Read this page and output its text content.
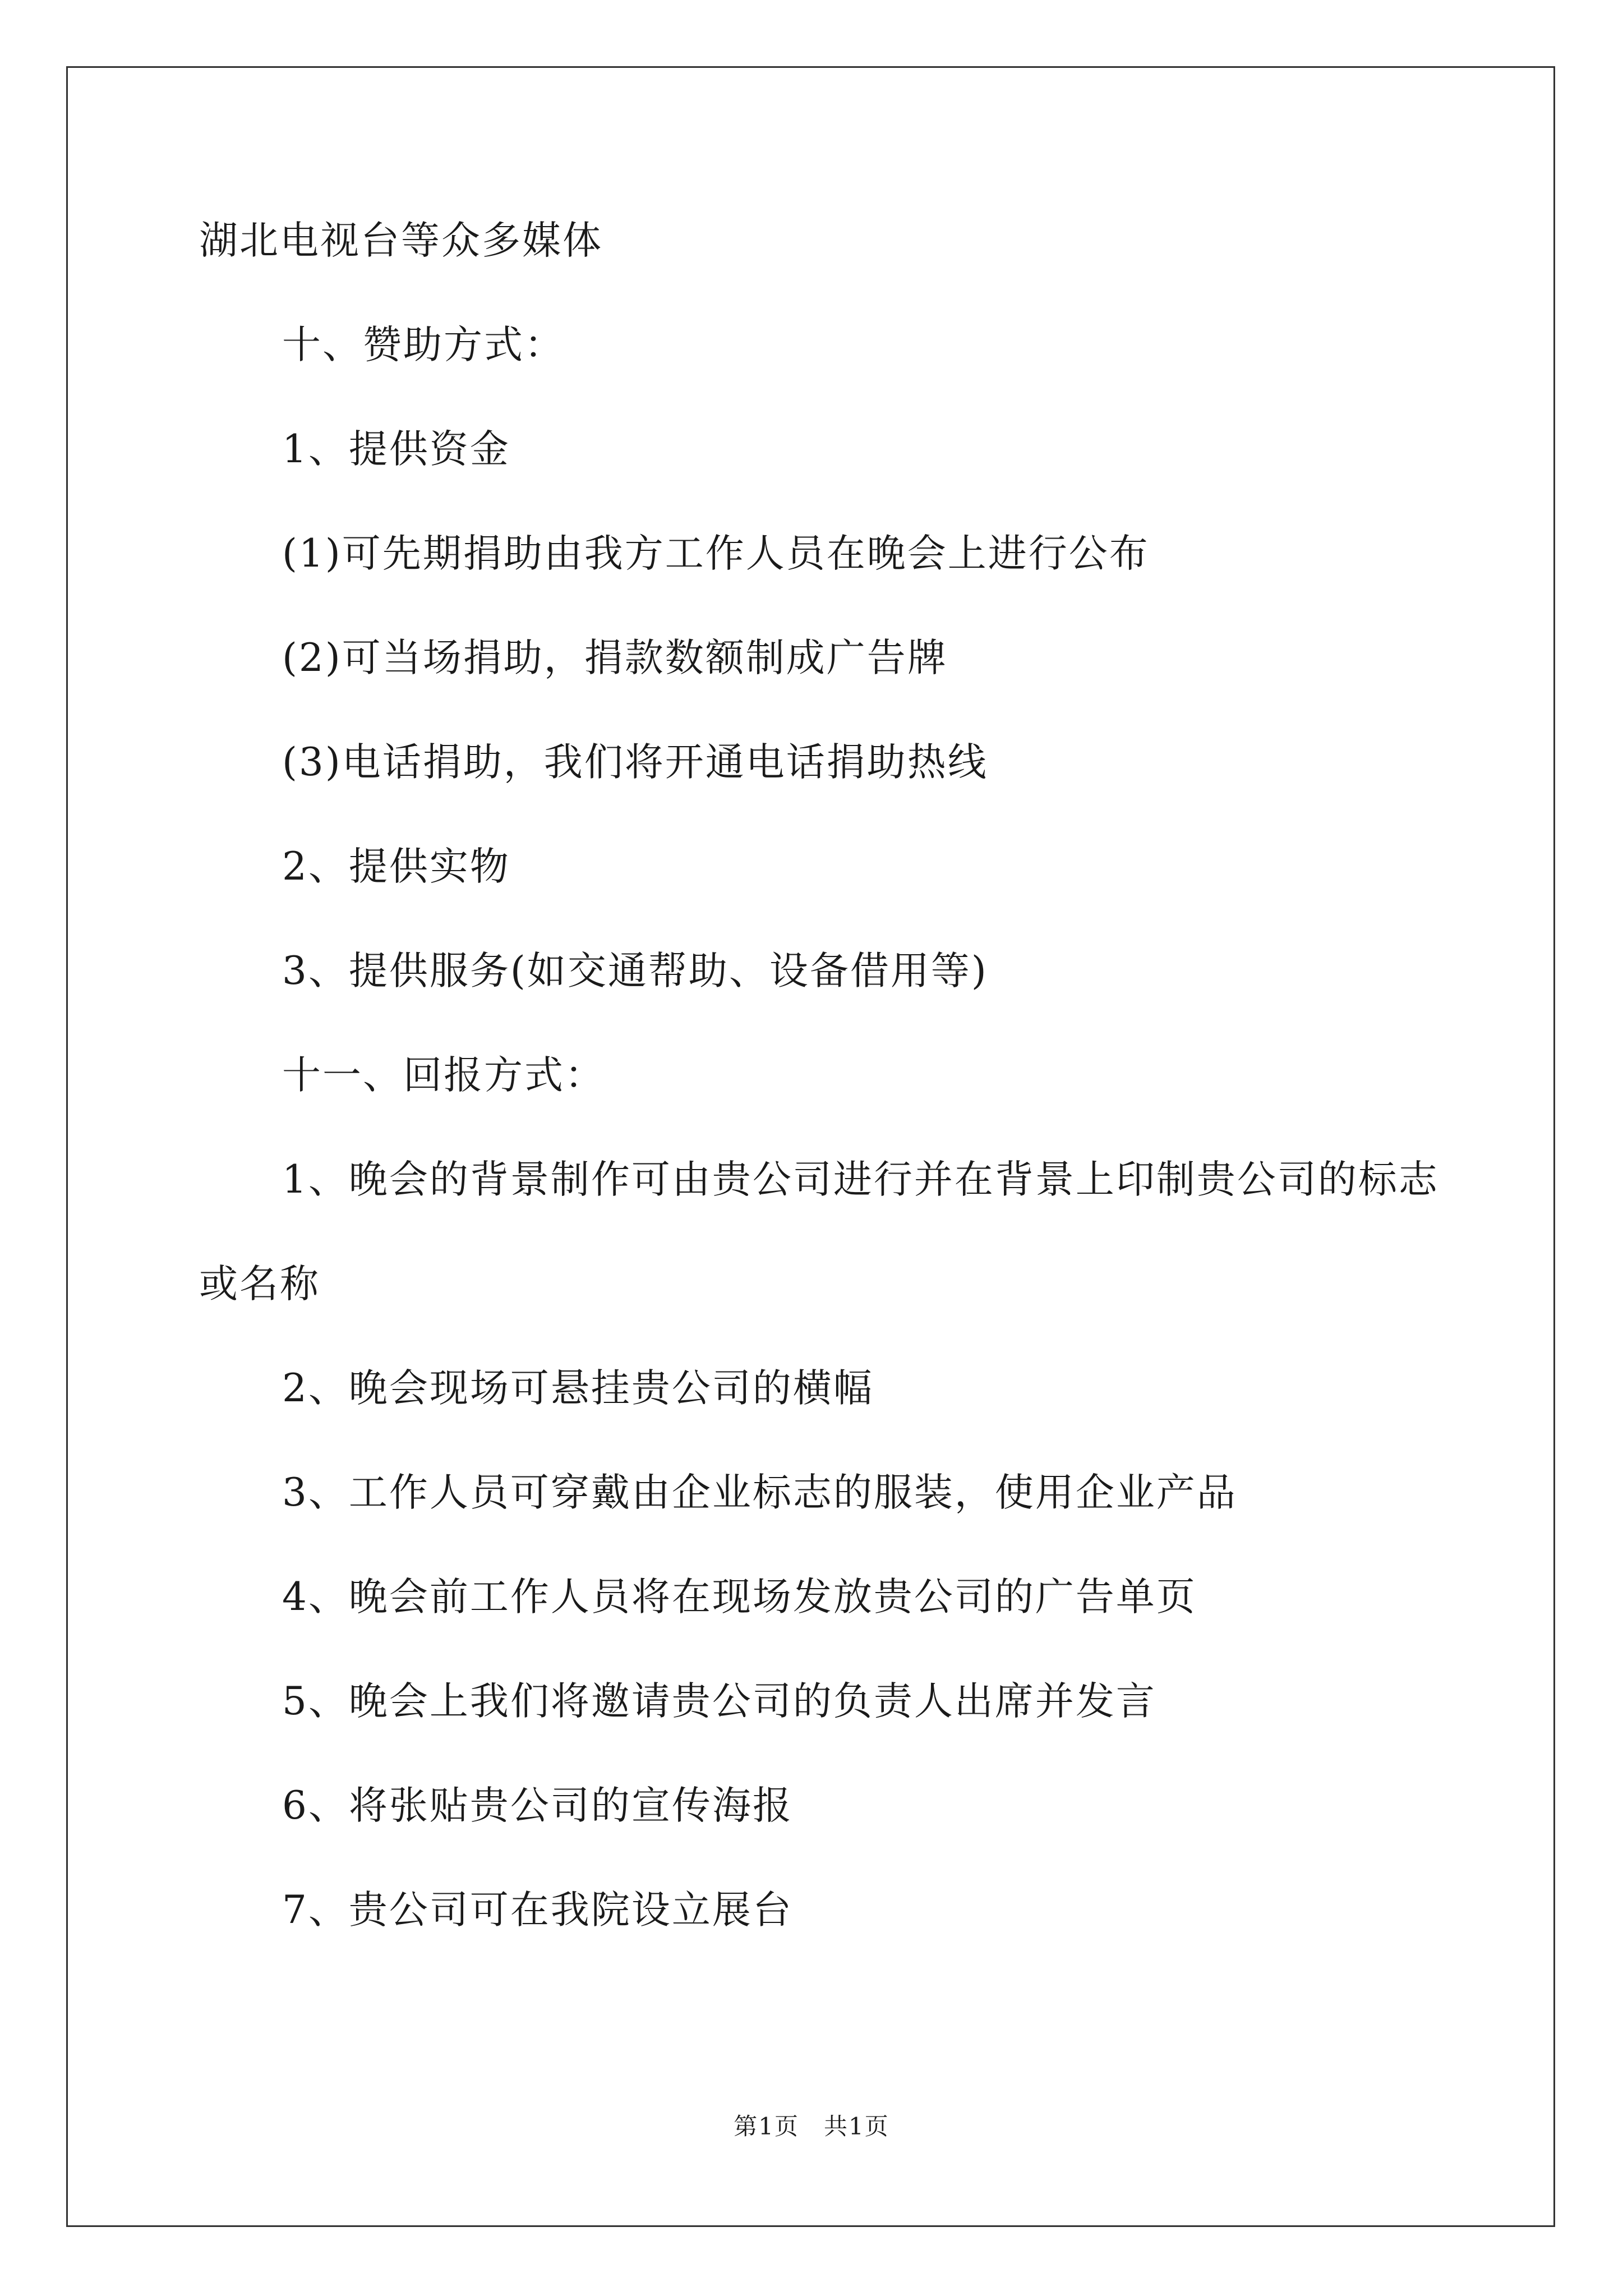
湖北电视台等众多媒体

十、赞助方式：

1、提供资金

(1)可先期捐助由我方工作人员在晚会上进行公布

(2)可当场捐助，捐款数额制成广告牌

(3)电话捐助，我们将开通电话捐助热线

2、提供实物

3、提供服务(如交通帮助、设备借用等)

十一、回报方式：

1、晚会的背景制作可由贵公司进行并在背景上印制贵公司的标志

或名称

2、晚会现场可悬挂贵公司的横幅

3、工作人员可穿戴由企业标志的服装，使用企业产品

4、晚会前工作人员将在现场发放贵公司的广告单页

5、晚会上我们将邀请贵公司的负责人出席并发言

6、将张贴贵公司的宣传海报

7、贵公司可在我院设立展台

第1页 共1页
